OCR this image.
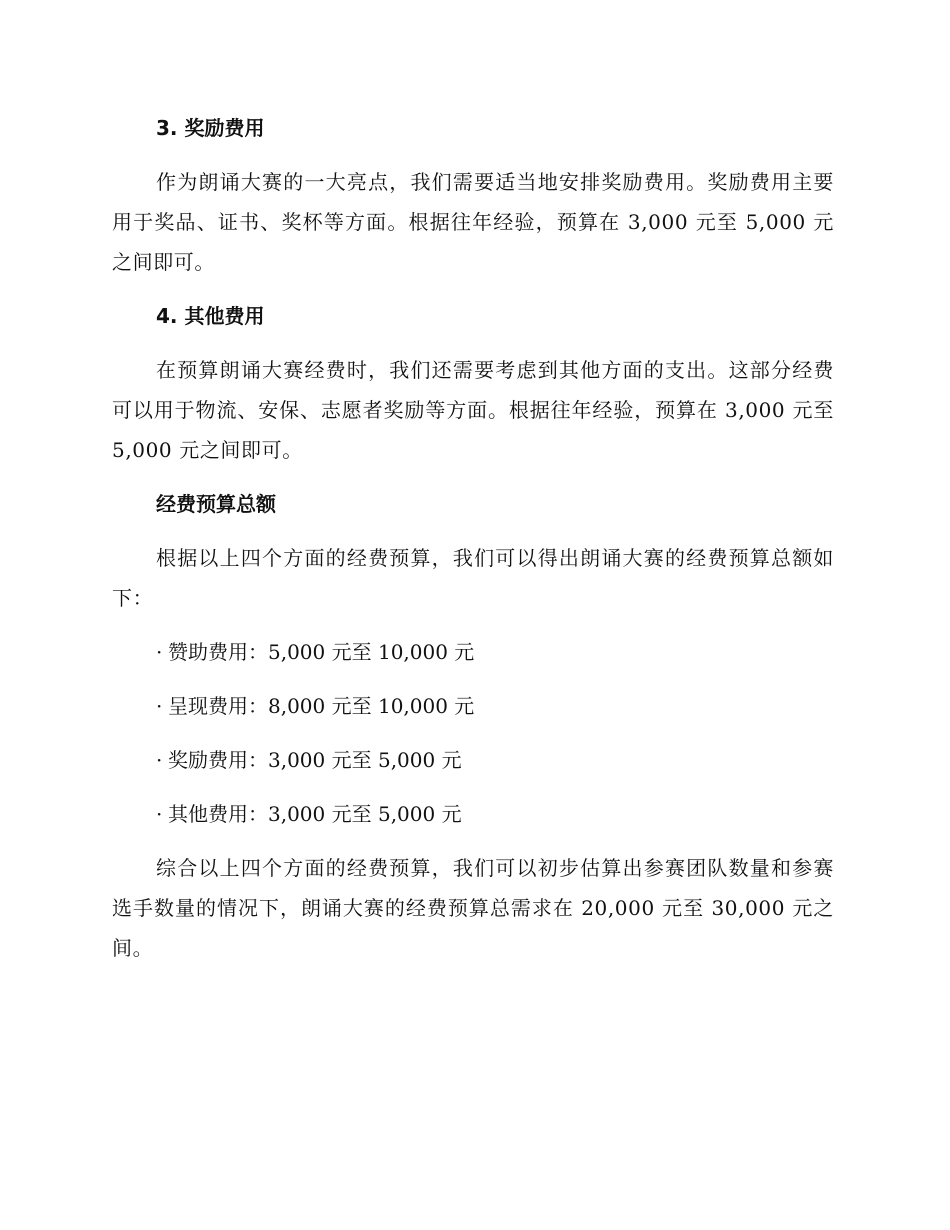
3. 奖励费用

作为朗诵大赛的一大亮点，我们需要适当地安排奖励费用。奖励费用主要用于奖品、证书、奖杯等方面。根据往年经验，预算在 3,000 元至 5,000 元之间即可。

4. 其他费用

在预算朗诵大赛经费时，我们还需要考虑到其他方面的支出。这部分经费可以用于物流、安保、志愿者奖励等方面。根据往年经验，预算在 3,000 元至 5,000 元之间即可。

经费预算总额

根据以上四个方面的经费预算，我们可以得出朗诵大赛的经费预算总额如下：

· 赞助费用：5,000 元至 10,000 元
· 呈现费用：8,000 元至 10,000 元
· 奖励费用：3,000 元至 5,000 元
· 其他费用：3,000 元至 5,000 元

综合以上四个方面的经费预算，我们可以初步估算出参赛团队数量和参赛选手数量的情况下，朗诵大赛的经费预算总需求在 20,000 元至 30,000 元之间。
